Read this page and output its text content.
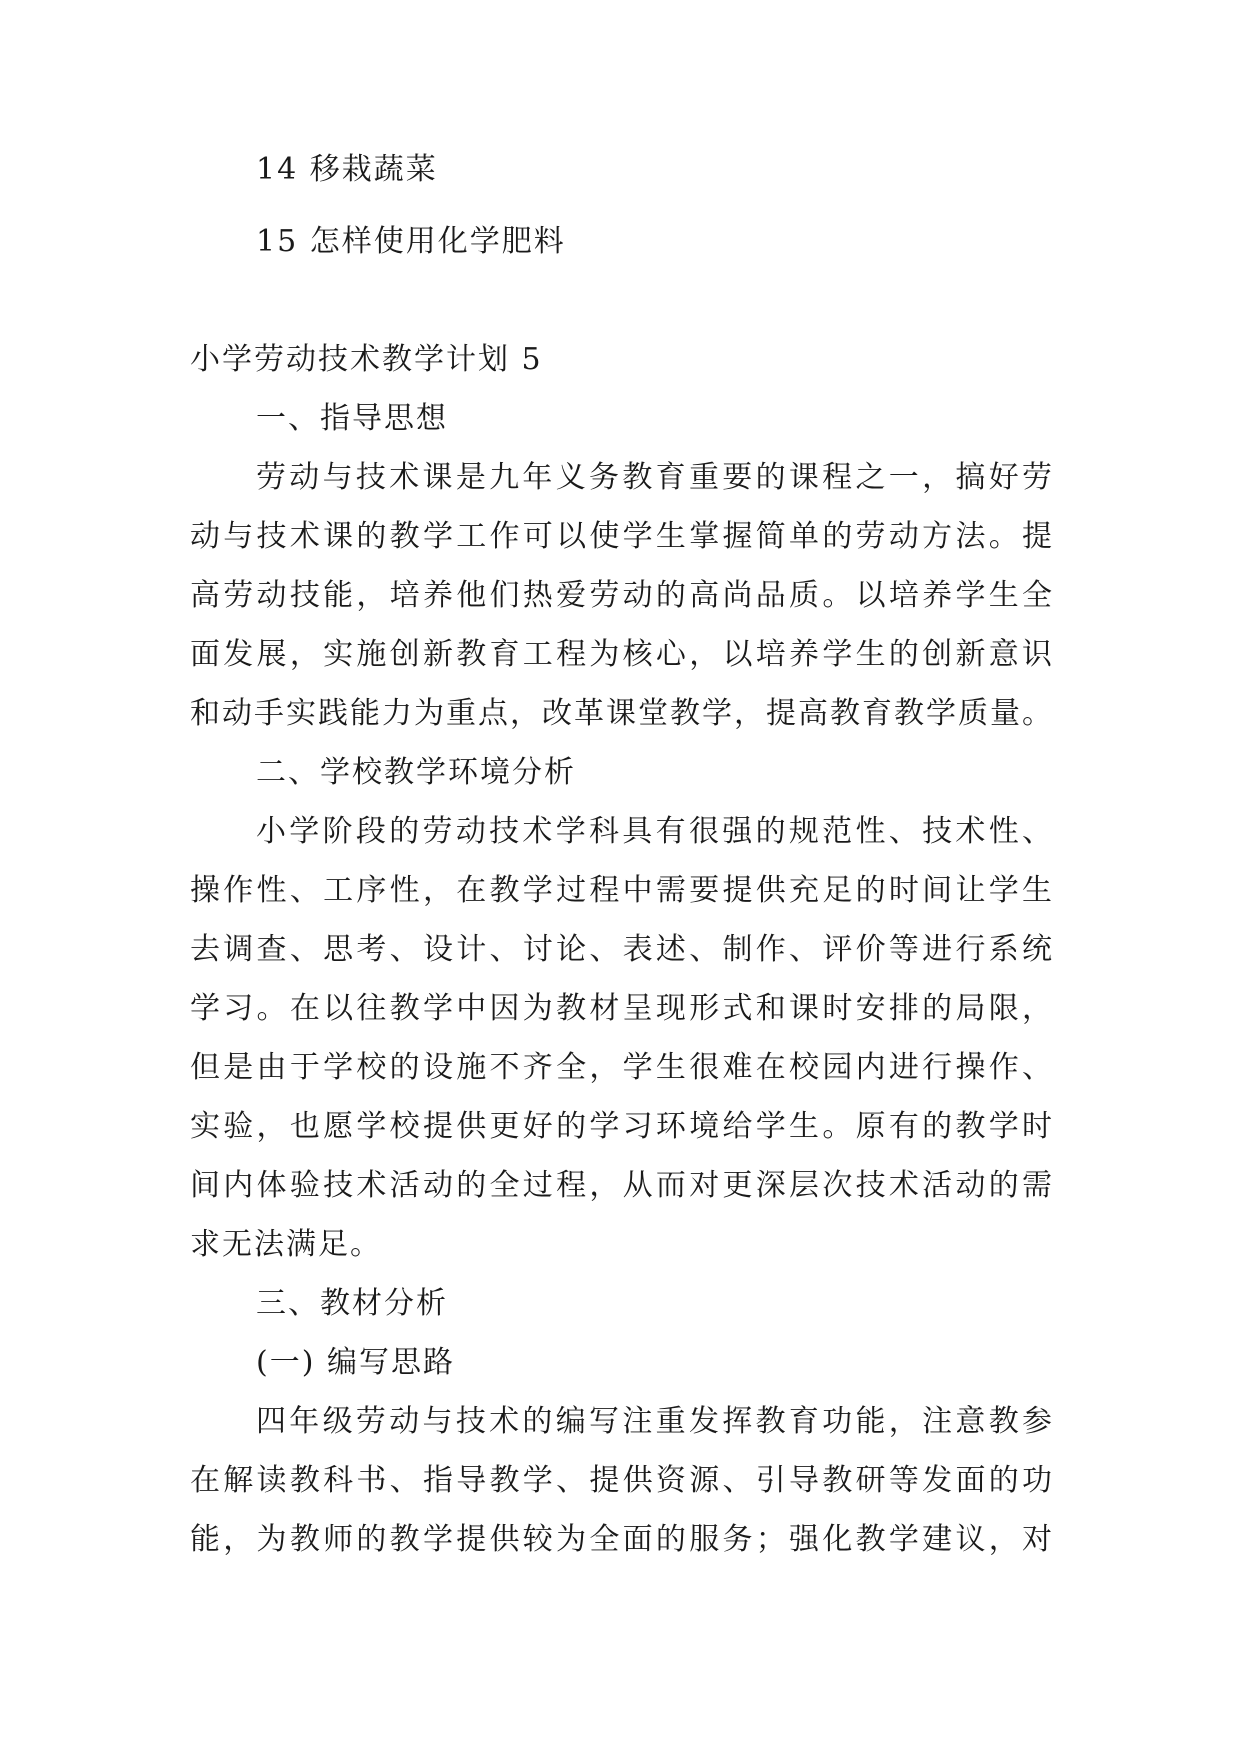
14 移栽蔬菜
15 怎样使用化学肥料
小学劳动技术教学计划 5
一、指导思想
劳动与技术课是九年义务教育重要的课程之一，搞好劳
动与技术课的教学工作可以使学生掌握简单的劳动方法。提
高劳动技能，培养他们热爱劳动的高尚品质。以培养学生全
面发展，实施创新教育工程为核心，以培养学生的创新意识
和动手实践能力为重点，改革课堂教学，提高教育教学质量。
二、学校教学环境分析
小学阶段的劳动技术学科具有很强的规范性、技术性、
操作性、工序性，在教学过程中需要提供充足的时间让学生
去调查、思考、设计、讨论、表述、制作、评价等进行系统
学习。在以往教学中因为教材呈现形式和课时安排的局限，
但是由于学校的设施不齐全，学生很难在校园内进行操作、
实验，也愿学校提供更好的学习环境给学生。原有的教学时
间内体验技术活动的全过程，从而对更深层次技术活动的需
求无法满足。
三、教材分析
(一) 编写思路
四年级劳动与技术的编写注重发挥教育功能，注意教参
在解读教科书、指导教学、提供资源、引导教研等发面的功
能，为教师的教学提供较为全面的服务；强化教学建议，对
